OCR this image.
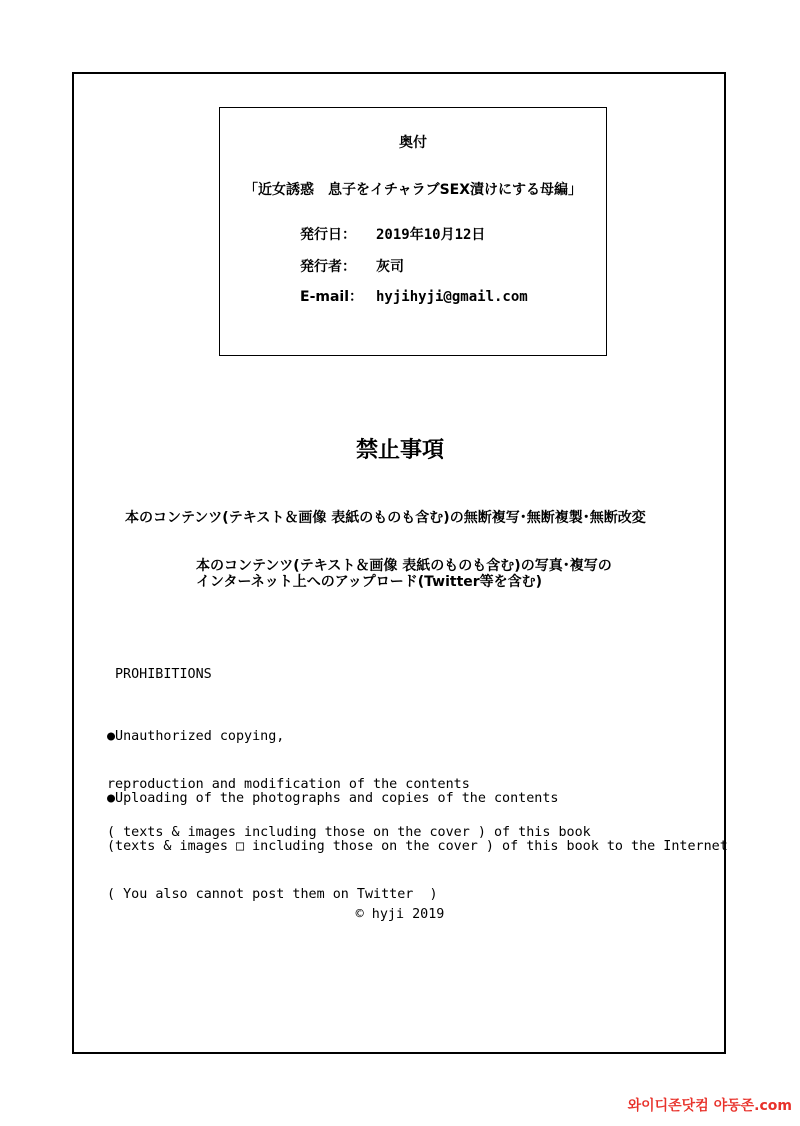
奥付
「近女誘惑　息子をイチャラブSEX漬けにする母編」
発行日： 2019年10月12日
発行者： 灰司
E-mail： hyjihyji@gmail.com
禁止事項
本のコンテンツ(テキスト＆画像 表紙のものも含む)の無断複写･無断複製･無断改変
本のコンテンツ(テキスト＆画像 表紙のものも含む)の写真･複写の
インターネット上へのアップロード(Twitter等を含む)
PROHIBITIONS

●Unauthorized copying,

reproduction and modification of the contents

( texts & images including those on the cover ) of this book

●Uploading of the photographs and copies of the contents

(texts & images □ including those on the cover ) of this book to the Internet

( You also cannot post them on Twitter  )

© hyji 2019
와이디존닷컴 야동존.com
